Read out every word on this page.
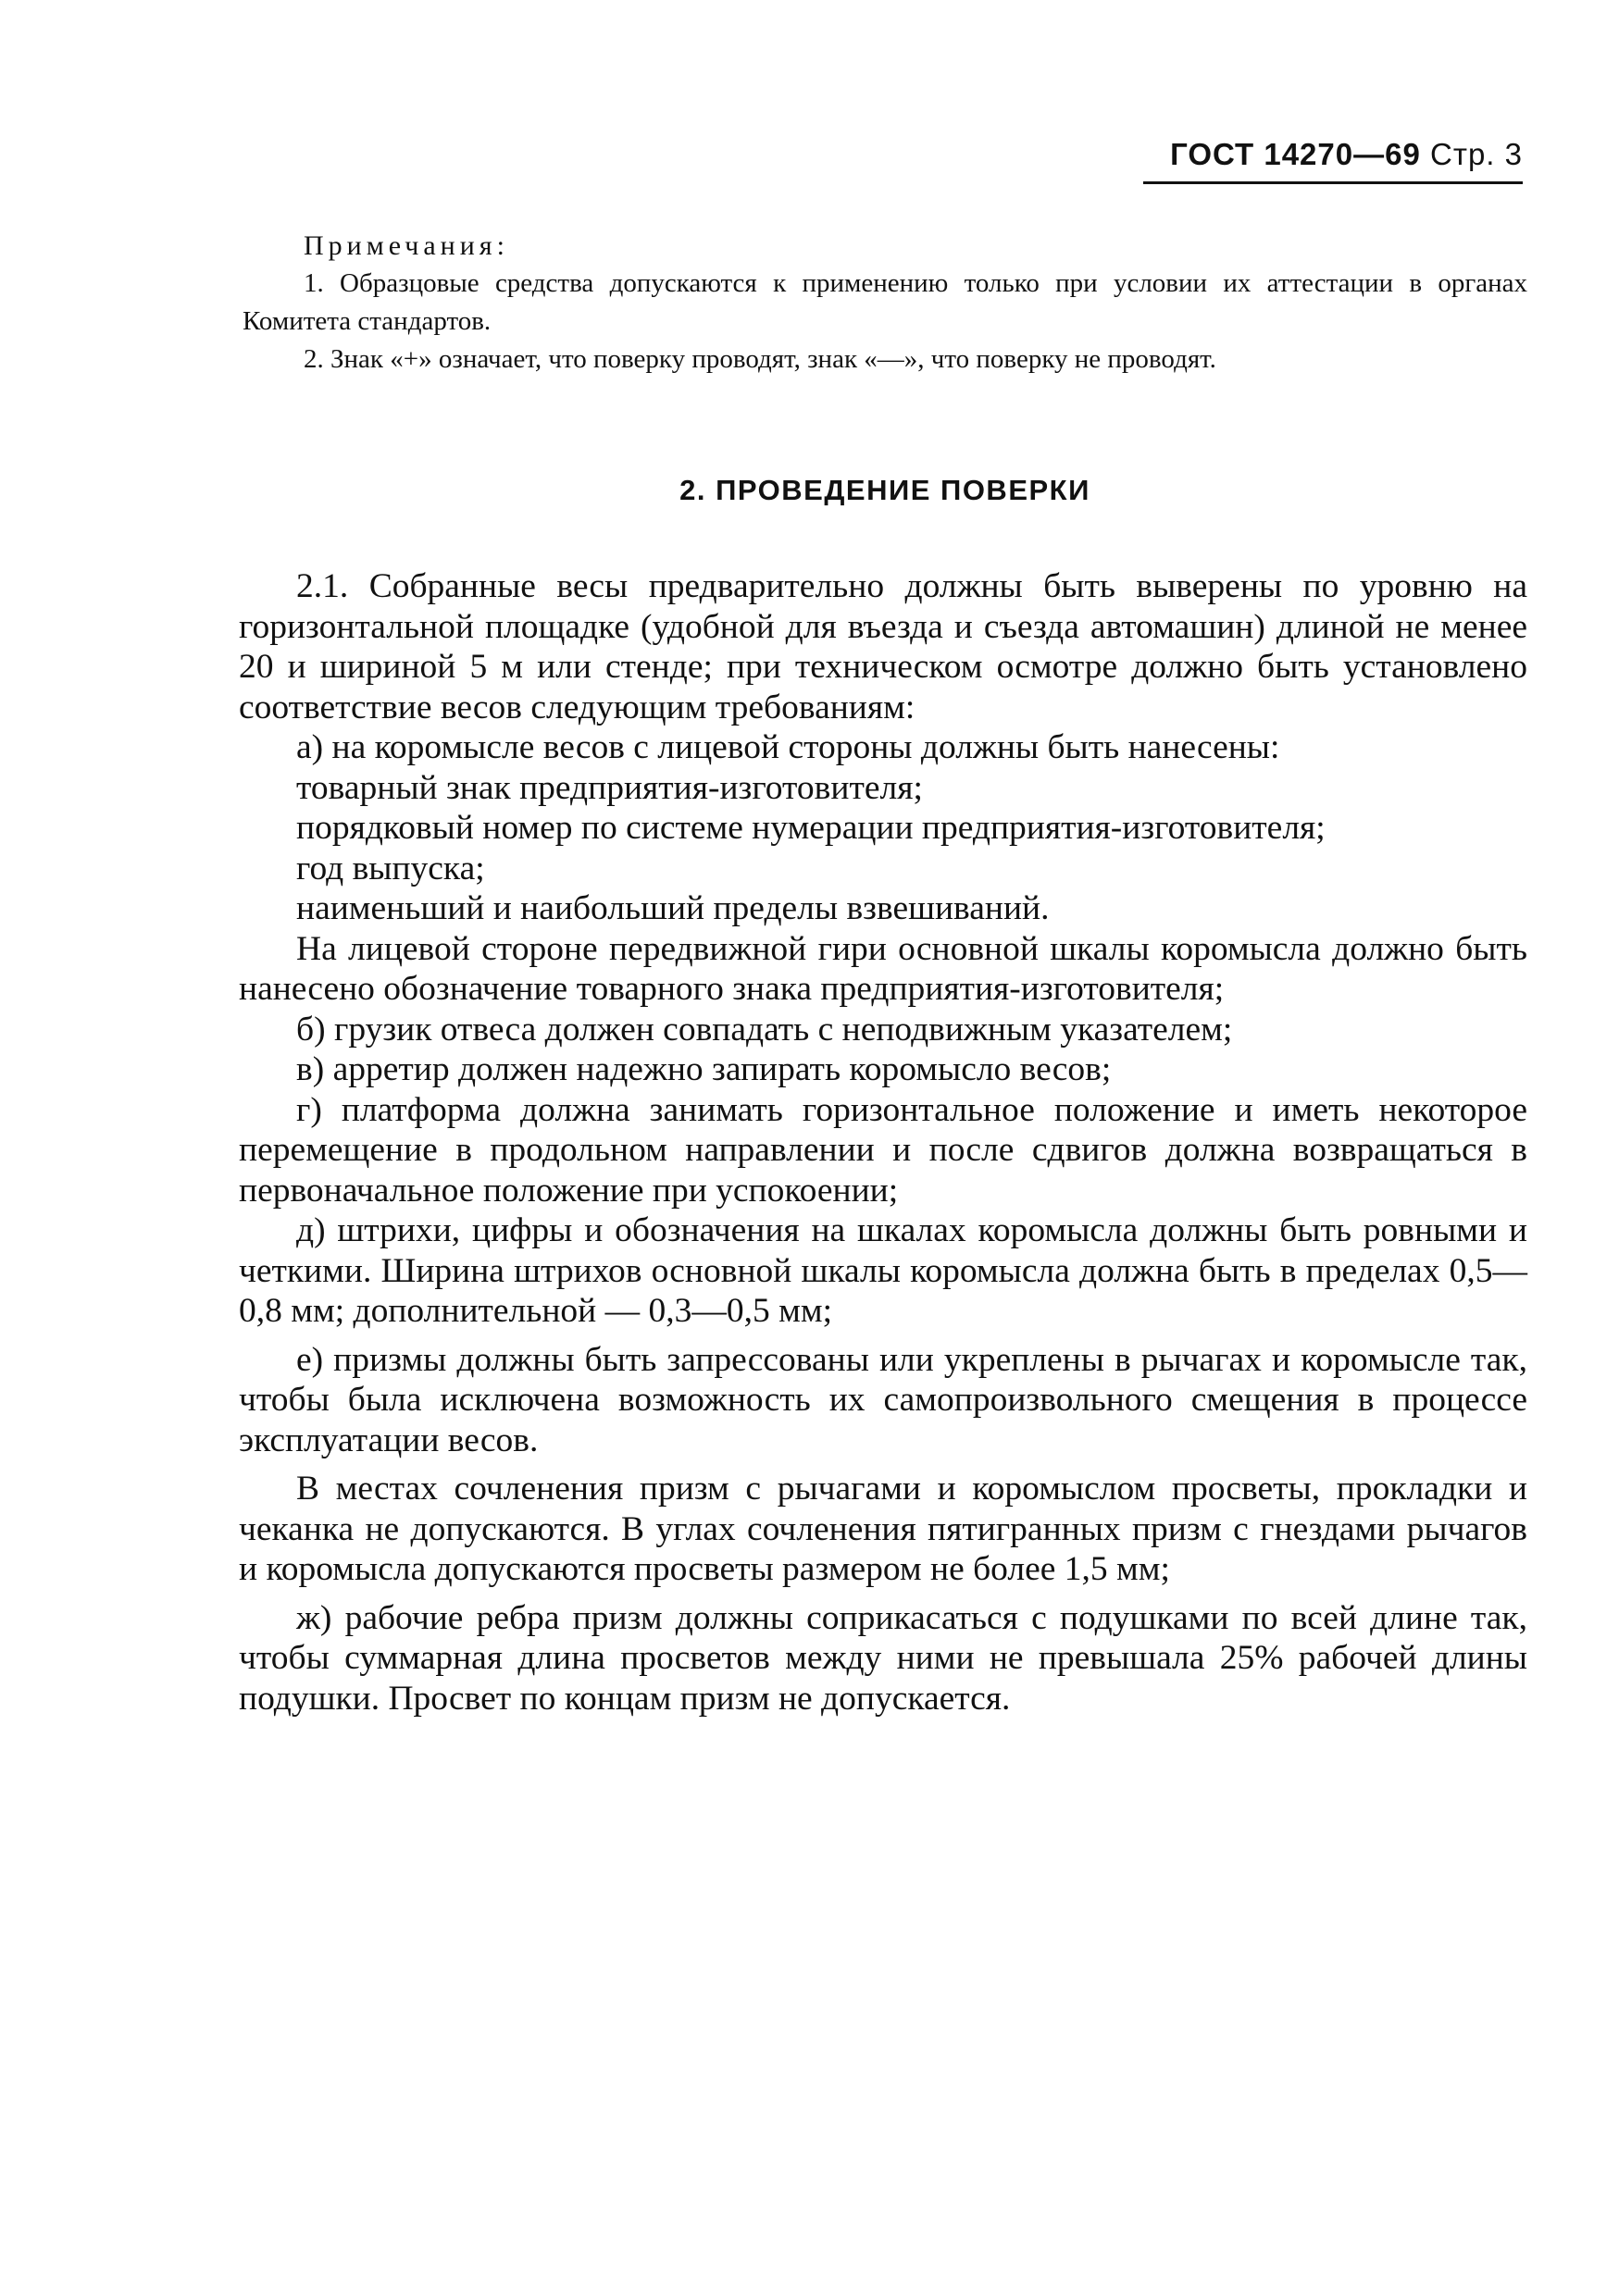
ГОСТ 14270—69 Стр. 3
Примечания:

1. Образцовые средства допускаются к применению только при условии их аттестации в органах Комитета стандартов.

2. Знак «+» означает, что поверку проводят, знак «—», что поверку не проводят.

2. ПРОВЕДЕНИЕ ПОВЕРКИ

2.1. Собранные весы предварительно должны быть выверены по уровню на горизонтальной площадке (удобной для въезда и съезда автомашин) длиной не менее 20 и шириной 5 м или стенде; при техническом осмотре должно быть установлено соответствие весов следующим требованиям:

а) на коромысле весов с лицевой стороны должны быть нанесены:

товарный знак предприятия-изготовителя;

порядковый номер по системе нумерации предприятия-изготовителя;

год выпуска;

наименьший и наибольший пределы взвешиваний.

На лицевой стороне передвижной гири основной шкалы коромысла должно быть нанесено обозначение товарного знака предприятия-изготовителя;

б) грузик отвеса должен совпадать с неподвижным указателем;

в) арретир должен надежно запирать коромысло весов;

г) платформа должна занимать горизонтальное положение и иметь некоторое перемещение в продольном направлении и после сдвигов должна возвращаться в первоначальное положение при успокоении;

д) штрихи, цифры и обозначения на шкалах коромысла должны быть ровными и четкими. Ширина штрихов основной шкалы коромысла должна быть в пределах 0,5—0,8 мм; дополнительной — 0,3—0,5 мм;

е) призмы должны быть запрессованы или укреплены в рычагах и коромысле так, чтобы была исключена возможность их самопроизвольного смещения в процессе эксплуатации весов.

В местах сочленения призм с рычагами и коромыслом просветы, прокладки и чеканка не допускаются. В углах сочленения пятигранных призм с гнездами рычагов и коромысла допускаются просветы размером не более 1,5 мм;

ж) рабочие ребра призм должны соприкасаться с подушками по всей длине так, чтобы суммарная длина просветов между ними не превышала 25% рабочей длины подушки. Просвет по концам призм не допускается.
